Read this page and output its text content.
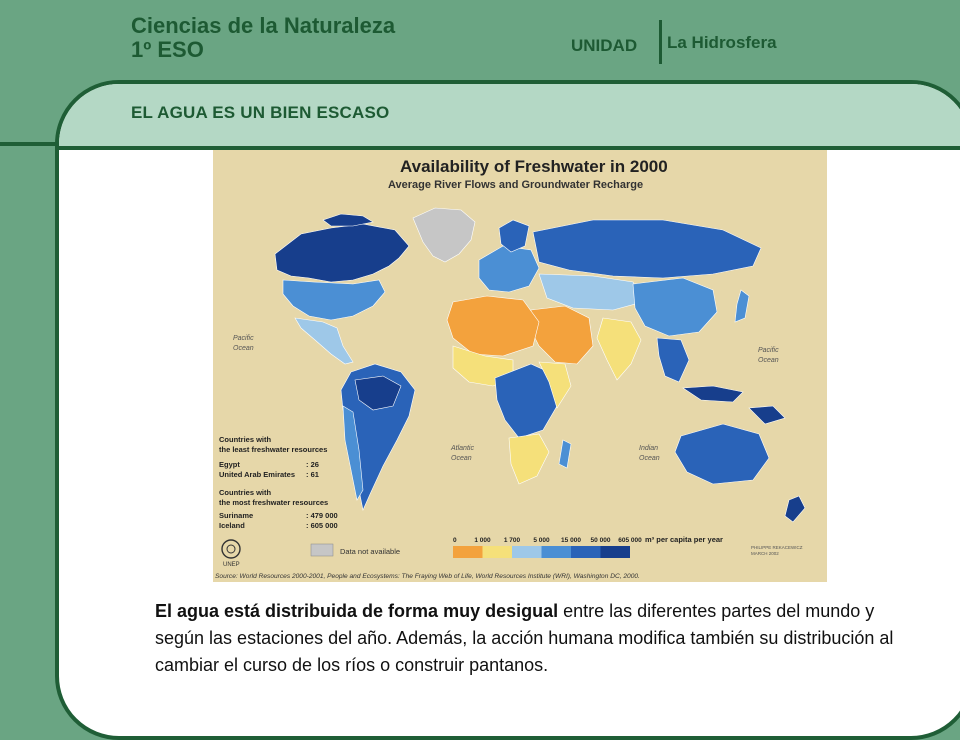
Ciencias de la Naturaleza
1º ESO	UNIDAD La Hidrosfera
EL AGUA ES UN BIEN ESCASO
Availability of Freshwater in 2000
Average River Flows and Groundwater Recharge
Pacific Ocean
Atlantic Ocean
Indian Ocean
Pacific Ocean
Countries with the least freshwater resources
Egypt United Arab Emirates
: 26 : 61
Countries with the most freshwater resources
Suriname Iceland
: 479 000 : 605 000
UNEP
Data not available
0	1 000 1 700 5 000 15 000 50 000 605 000 m³ per capita per year
PHILIPPE REKACEWICZ MARCH 2002
Source: World Resources 2000-2001, People and Ecosystems: The Fraying Web of Life, World Resources Institute (WRI), Washington DC, 2000.
El agua está distribuida de forma muy desigual entre las diferentes partes del mundo y según las estaciones del año. Además, la acción humana modifica también su distribución al cambiar el curso de los ríos o construir pantanos.
